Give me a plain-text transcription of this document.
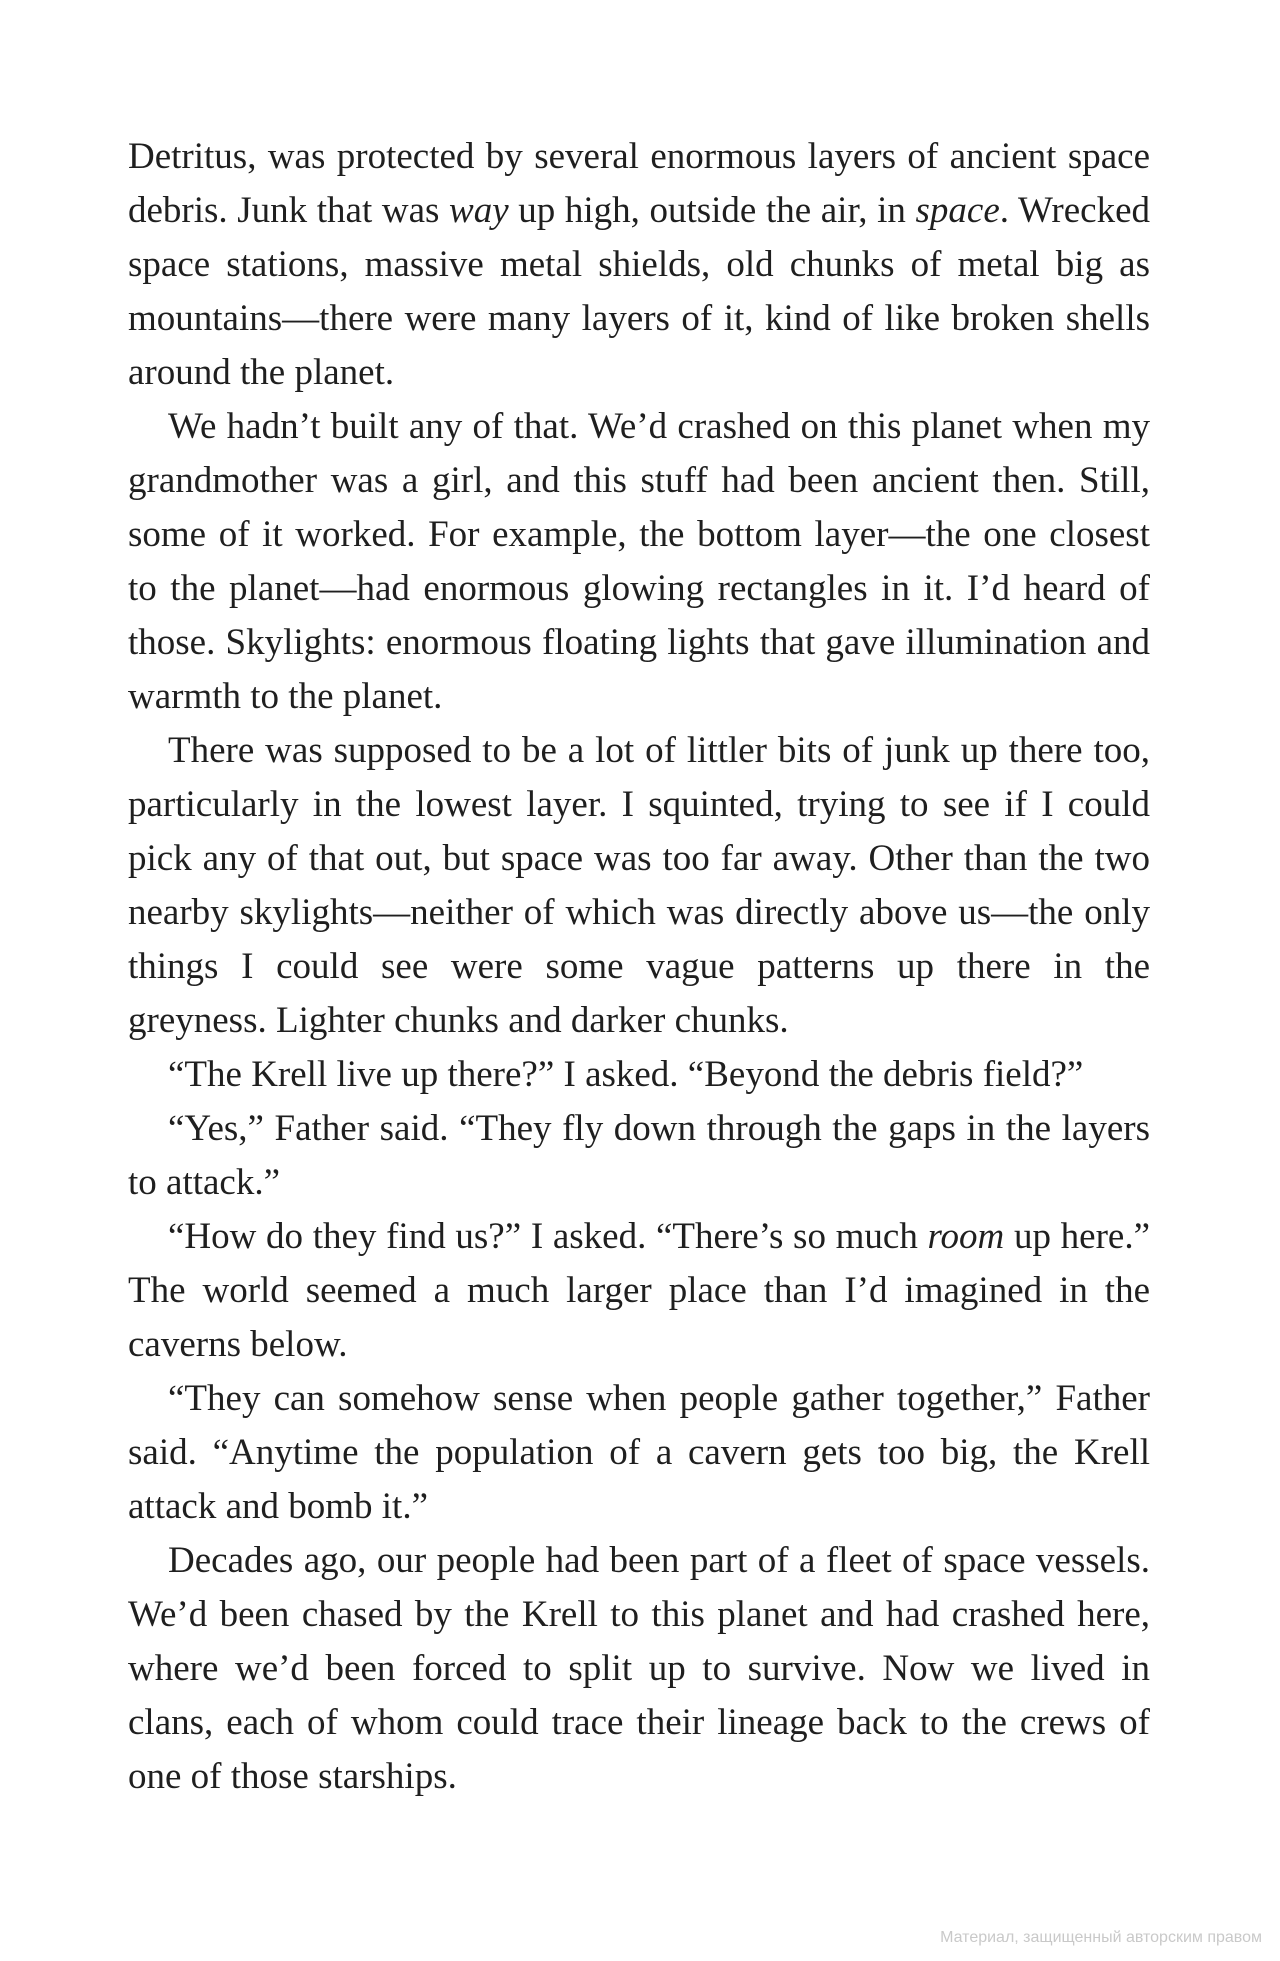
Detritus, was protected by several enormous layers of ancient space debris. Junk that was way up high, outside the air, in space. Wrecked space stations, massive metal shields, old chunks of metal big as mountains—there were many layers of it, kind of like broken shells around the planet.

We hadn’t built any of that. We’d crashed on this planet when my grandmother was a girl, and this stuff had been ancient then. Still, some of it worked. For example, the bottom layer—the one closest to the planet—had enormous glowing rectangles in it. I’d heard of those. Skylights: enormous floating lights that gave illumination and warmth to the planet.

There was supposed to be a lot of littler bits of junk up there too, particularly in the lowest layer. I squinted, trying to see if I could pick any of that out, but space was too far away. Other than the two nearby skylights—neither of which was directly above us—the only things I could see were some vague patterns up there in the greyness. Lighter chunks and darker chunks.

“The Krell live up there?” I asked. “Beyond the debris field?”

“Yes,” Father said. “They fly down through the gaps in the layers to attack.”

“How do they find us?” I asked. “There’s so much room up here.” The world seemed a much larger place than I’d imagined in the caverns below.

“They can somehow sense when people gather together,” Father said. “Anytime the population of a cavern gets too big, the Krell attack and bomb it.”

Decades ago, our people had been part of a fleet of space vessels. We’d been chased by the Krell to this planet and had crashed here, where we’d been forced to split up to survive. Now we lived in clans, each of whom could trace their lineage back to the crews of one of those starships.

Материал, защищенный авторским правом
